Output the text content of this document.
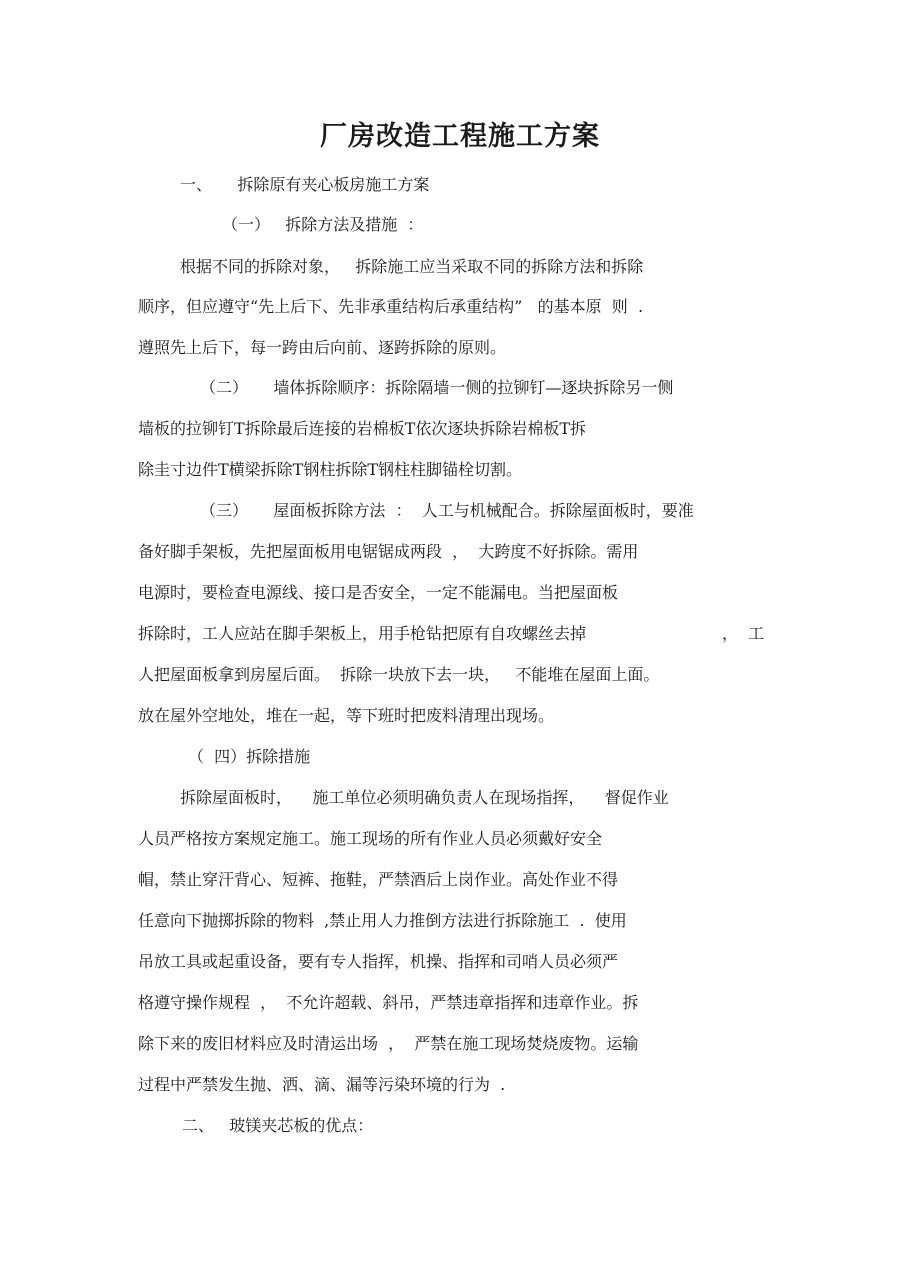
厂房改造工程施工方案
一、     拆除原有夹心板房施工方案
（一）   拆除方法及措施  ：
根据不同的拆除对象，   拆除施工应当采取不同的拆除方法和拆除
顺序，但应遵守“先上后下、先非承重结构后承重结构”   的基本原  则  .
遵照先上后下，每一跨由后向前、逐跨拆除的原则。
（二）     墙体拆除顺序：拆除隔墙一侧的拉铆钉—逐块拆除另一侧
墙板的拉铆钉T拆除最后连接的岩棉板T依次逐块拆除岩棉板T拆
除圭寸边件T横梁拆除T钢柱拆除T钢柱柱脚锚栓切割。
（三）     屋面板拆除方法  ：  人工与机械配合。拆除屋面板时，要准
备好脚手架板，先把屋面板用电锯锯成两段  ，  大跨度不好拆除。需用
电源时，要检查电源线、接口是否安全，一定不能漏电。当把屋面板
拆除时，工人应站在脚手架板上，用手枪钻把原有自攻螺丝去掉	，  工
人把屋面板拿到房屋后面。  拆除一块放下去一块，   不能堆在屋面上面。
放在屋外空地处，堆在一起，等下班时把废料清理出现场。
（  四）拆除措施
拆除屋面板时，    施工单位必须明确负责人在现场指挥，    督促作业
人员严格按方案规定施工。施工现场的所有作业人员必须戴好安全
帽，禁止穿汗背心、短裤、拖鞋，严禁酒后上岗作业。高处作业不得
任意向下抛掷拆除的物料  ,禁止用人力推倒方法进行拆除施工  .  使用
吊放工具或起重设备，要有专人指挥，机操、指挥和司哨人员必须严
格遵守操作规程  ，  不允许超载、斜吊，严禁违章指挥和违章作业。拆
除下来的废旧材料应及时清运出场  ，  严禁在施工现场焚烧废物。运输
过程中严禁发生抛、洒、滴、漏等污染环境的行为  .
二、   玻镁夹芯板的优点：
